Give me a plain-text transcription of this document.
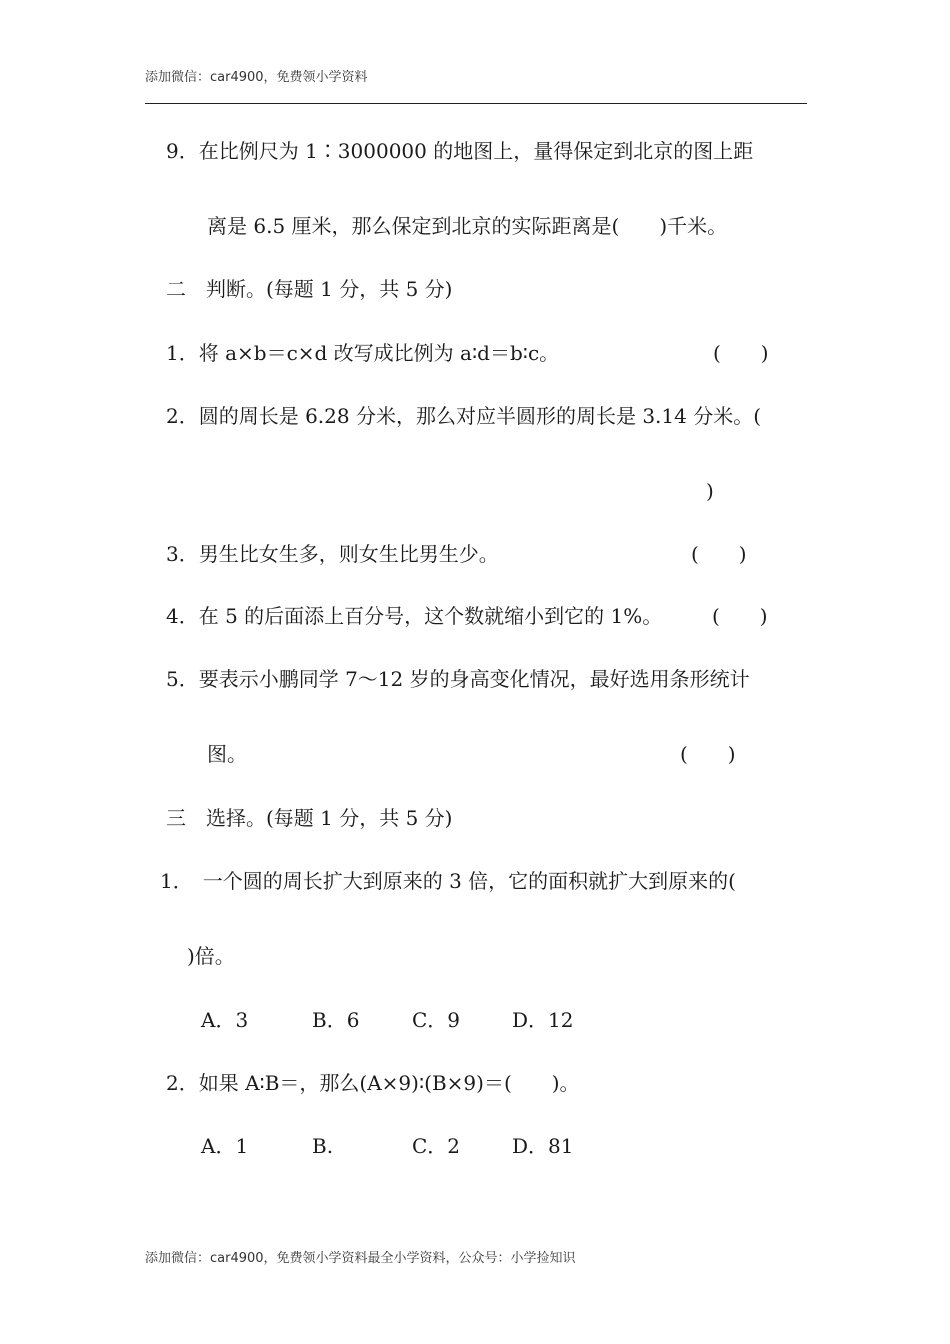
添加微信：car4900，免费领小学资料
9．在比例尺为 1∶3000000 的地图上，量得保定到北京的图上距
离是 6.5 厘米，那么保定到北京的实际距离是(　　)千米。
二　判断。(每题 1 分，共 5 分)
1．将 a×b＝c×d 改写成比例为 a∶d＝b∶c。	(　　)
2．圆的周长是 6.28 分米，那么对应半圆形的周长是 3.14 分米。(
)
3．男生比女生多，则女生比男生少。	(　　)
4．在 5 的后面添上百分号，这个数就缩小到它的 1%。 (　　)
5．要表示小鹏同学 7～12 岁的身高变化情况，最好选用条形统计
图。	(　　)
三　选择。(每题 1 分，共 5 分)
1．　一个圆的周长扩大到原来的 3 倍，它的面积就扩大到原来的(
)倍。
A．3	B．6	C．9	D．12
2．如果 A∶B＝，那么(A×9)∶(B×9)＝(　　)。
A．1	B.	C．2	D．81
添加微信：car4900，免费领小学资料最全小学资料，公众号：小学捡知识
